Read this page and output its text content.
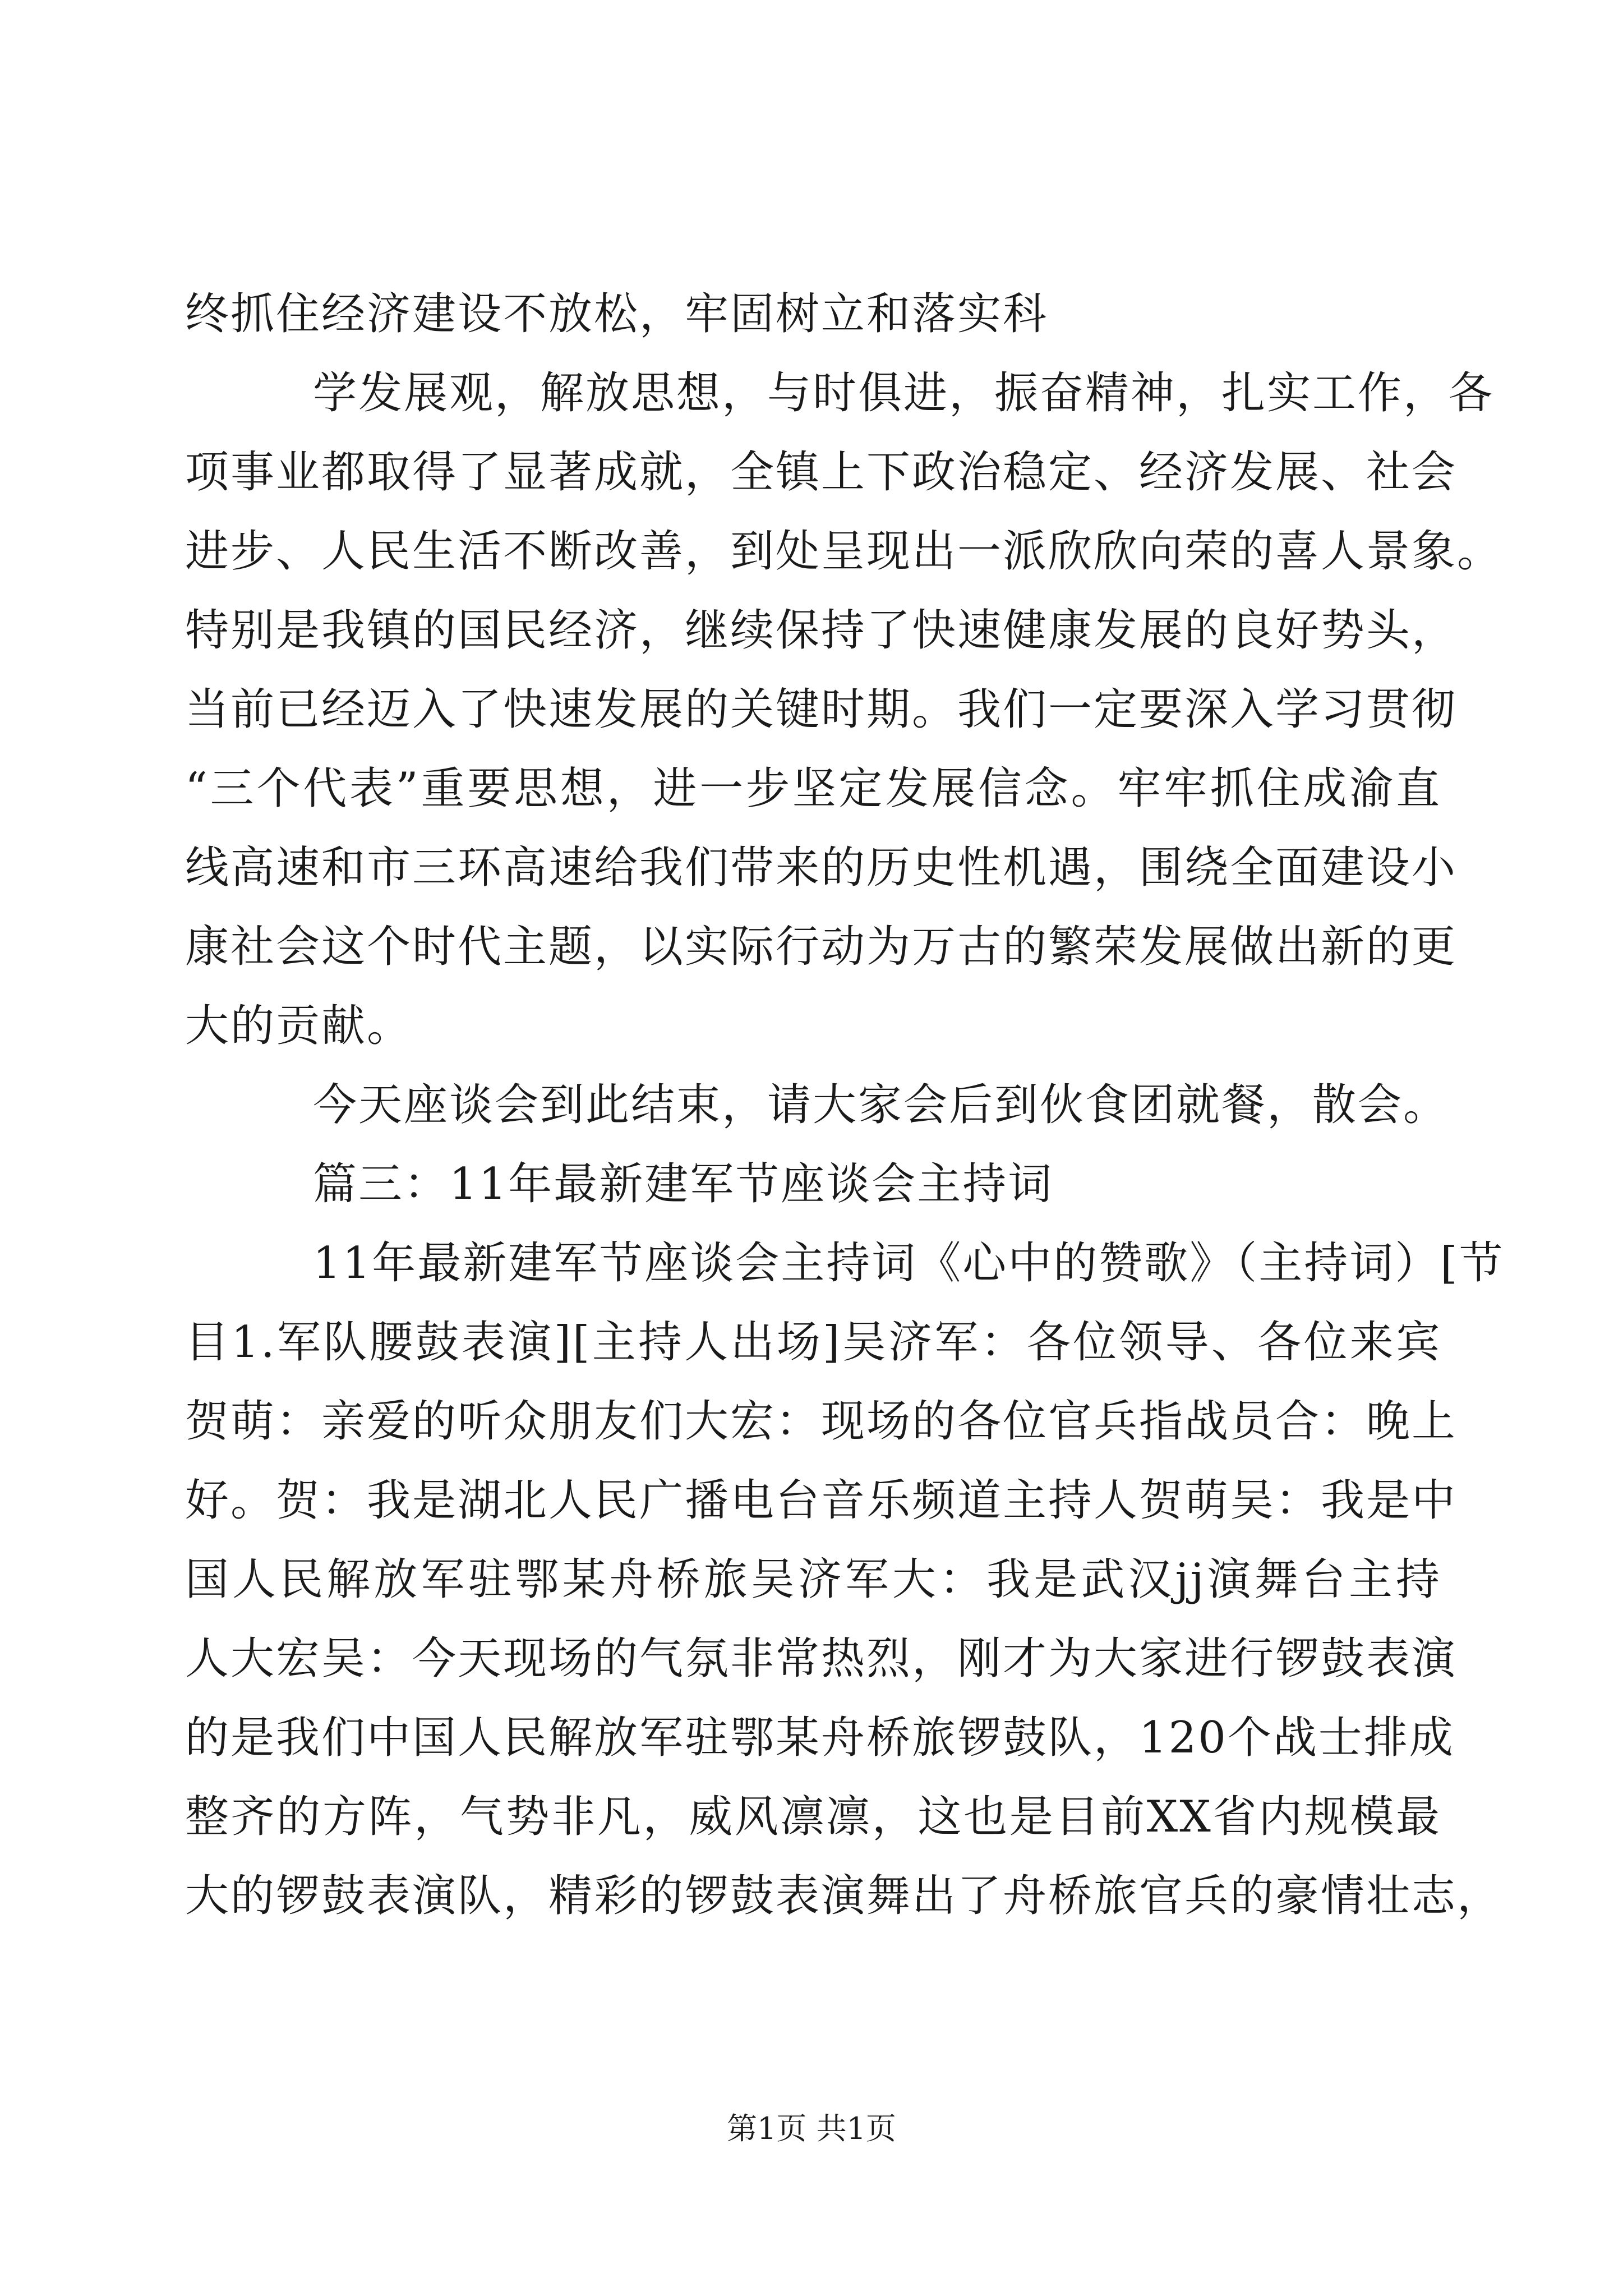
终抓住经济建设不放松，牢固树立和落实科
学发展观，解放思想，与时俱进，振奋精神，扎实工作，各
项事业都取得了显著成就，全镇上下政治稳定、经济发展、社会
进步、人民生活不断改善，到处呈现出一派欣欣向荣的喜人景象。
特别是我镇的国民经济，继续保持了快速健康发展的良好势头，
当前已经迈入了快速发展的关键时期。我们一定要深入学习贯彻
“三个代表”重要思想，进一步坚定发展信念。牢牢抓住成渝直
线高速和市三环高速给我们带来的历史性机遇，围绕全面建设小
康社会这个时代主题，以实际行动为万古的繁荣发展做出新的更
大的贡献。
今天座谈会到此结束，请大家会后到伙食团就餐，散会。
篇三：11年最新建军节座谈会主持词
11年最新建军节座谈会主持词《心中的赞歌》（主持词）[节
目1.军队腰鼓表演][主持人出场]吴济军：各位领导、各位来宾
贺萌：亲爱的听众朋友们大宏：现场的各位官兵指战员合：晚上
好。贺：我是湖北人民广播电台音乐频道主持人贺萌吴：我是中
国人民解放军驻鄂某舟桥旅吴济军大：我是武汉jj演舞台主持
人大宏吴：今天现场的气氛非常热烈，刚才为大家进行锣鼓表演
的是我们中国人民解放军驻鄂某舟桥旅锣鼓队，120个战士排成
整齐的方阵，气势非凡，威风凛凛，这也是目前XX省内规模最
大的锣鼓表演队，精彩的锣鼓表演舞出了舟桥旅官兵的豪情壮志，
第1页 共1页
